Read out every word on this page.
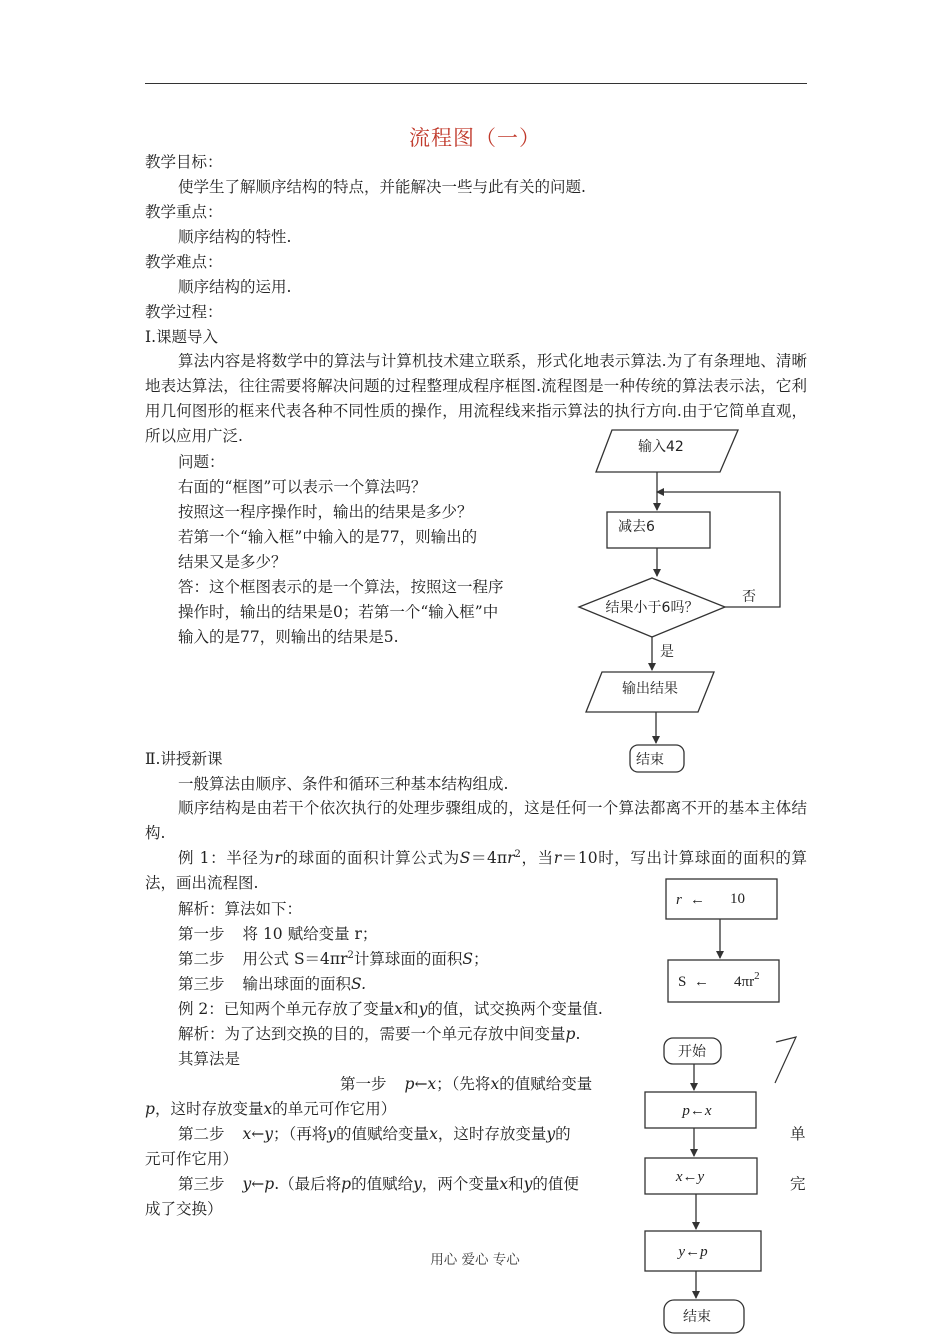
流程图（一）
教学目标：
使学生了解顺序结构的特点，并能解决一些与此有关的问题.
教学重点：
顺序结构的特性.
教学难点：
顺序结构的运用.
教学过程：
Ⅰ.课题导入
算法内容是将数学中的算法与计算机技术建立联系，形式化地表示算法.为了有条理地、清晰地表达算法，往往需要将解决问题的过程整理成程序框图.流程图是一种传统的算法表示法，它利用几何图形的框来代表各种不同性质的操作，用流程线来指示算法的执行方向.由于它简单直观，所以应用广泛.
问题：
右面的“框图”可以表示一个算法吗？
按照这一程序操作时，输出的结果是多少？
若第一个“输入框”中输入的是77，则输出的
结果又是多少？
答：这个框图表示的是一个算法，按照这一程序
操作时，输出的结果是0；若第一个“输入框”中
输入的是77，则输出的结果是5.
Ⅱ.讲授新课
一般算法由顺序、条件和循环三种基本结构组成.
顺序结构是由若干个依次执行的处理步骤组成的，这是任何一个算法都离不开的基本主体结构.
例 1：半径为r的球面的面积计算公式为$S=4\pi r^2$，当r＝10时，写出计算球面的面积的算法，画出流程图.
解析：算法如下：
第一步 将 10 赋给变量 r；
第二步 用公式 $S=4\pi r^2$计算球面的面积S；
第三步 输出球面的面积S.
例 2：已知两个单元存放了变量x和y的值，试交换两个变量值.
解析：为了达到交换的目的，需要一个单元存放中间变量p.
其算法是
第一步 p←x；（先将x的值赋给变量
p，这时存放变量x的单元可作它用）
第二步 x←y；（再将y的值赋给变量x，这时存放变量y的	单
元可作它用）
第三步 y←p.（最后将p的值赋给y，两个变量x和y的值便	完
成了交换）
用心 爱心 专心
输入42
减去6
结果小于6吗？
否
是
输出结果
结束
r ← 10
S ← $4\pi r^2$
开始
p←x
x←y
y←p
结束
